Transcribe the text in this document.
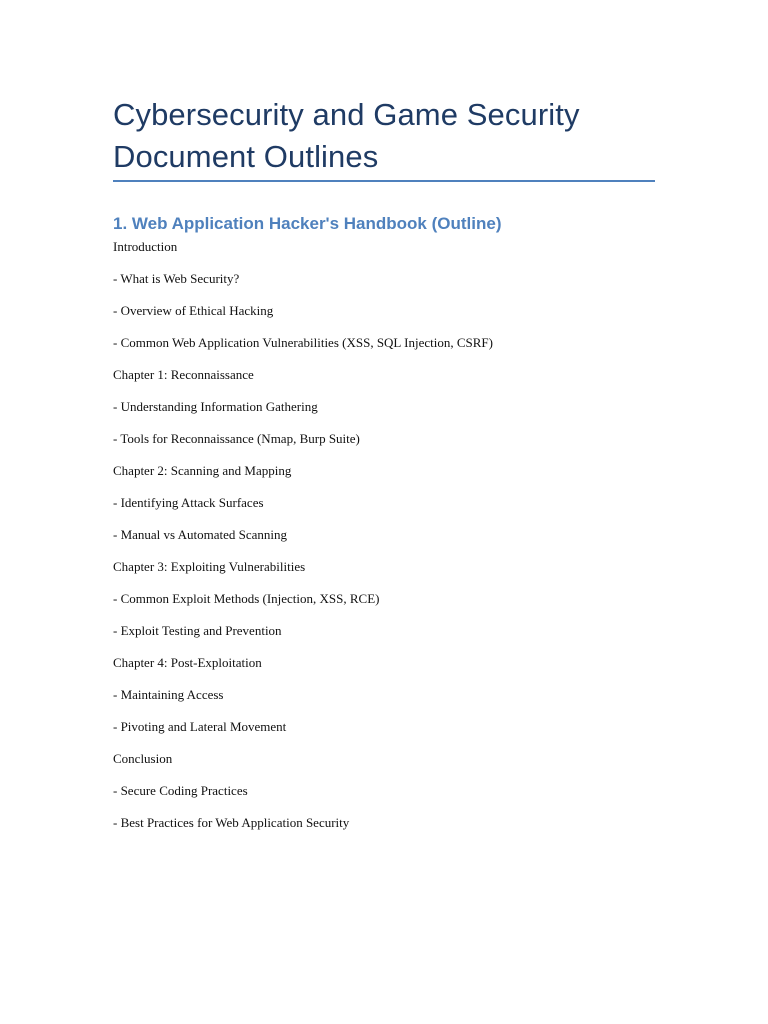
Cybersecurity and Game Security Document Outlines
1. Web Application Hacker's Handbook (Outline)
Introduction
- What is Web Security?
- Overview of Ethical Hacking
- Common Web Application Vulnerabilities (XSS, SQL Injection, CSRF)
Chapter 1: Reconnaissance
- Understanding Information Gathering
- Tools for Reconnaissance (Nmap, Burp Suite)
Chapter 2: Scanning and Mapping
- Identifying Attack Surfaces
- Manual vs Automated Scanning
Chapter 3: Exploiting Vulnerabilities
- Common Exploit Methods (Injection, XSS, RCE)
- Exploit Testing and Prevention
Chapter 4: Post-Exploitation
- Maintaining Access
- Pivoting and Lateral Movement
Conclusion
- Secure Coding Practices
- Best Practices for Web Application Security
